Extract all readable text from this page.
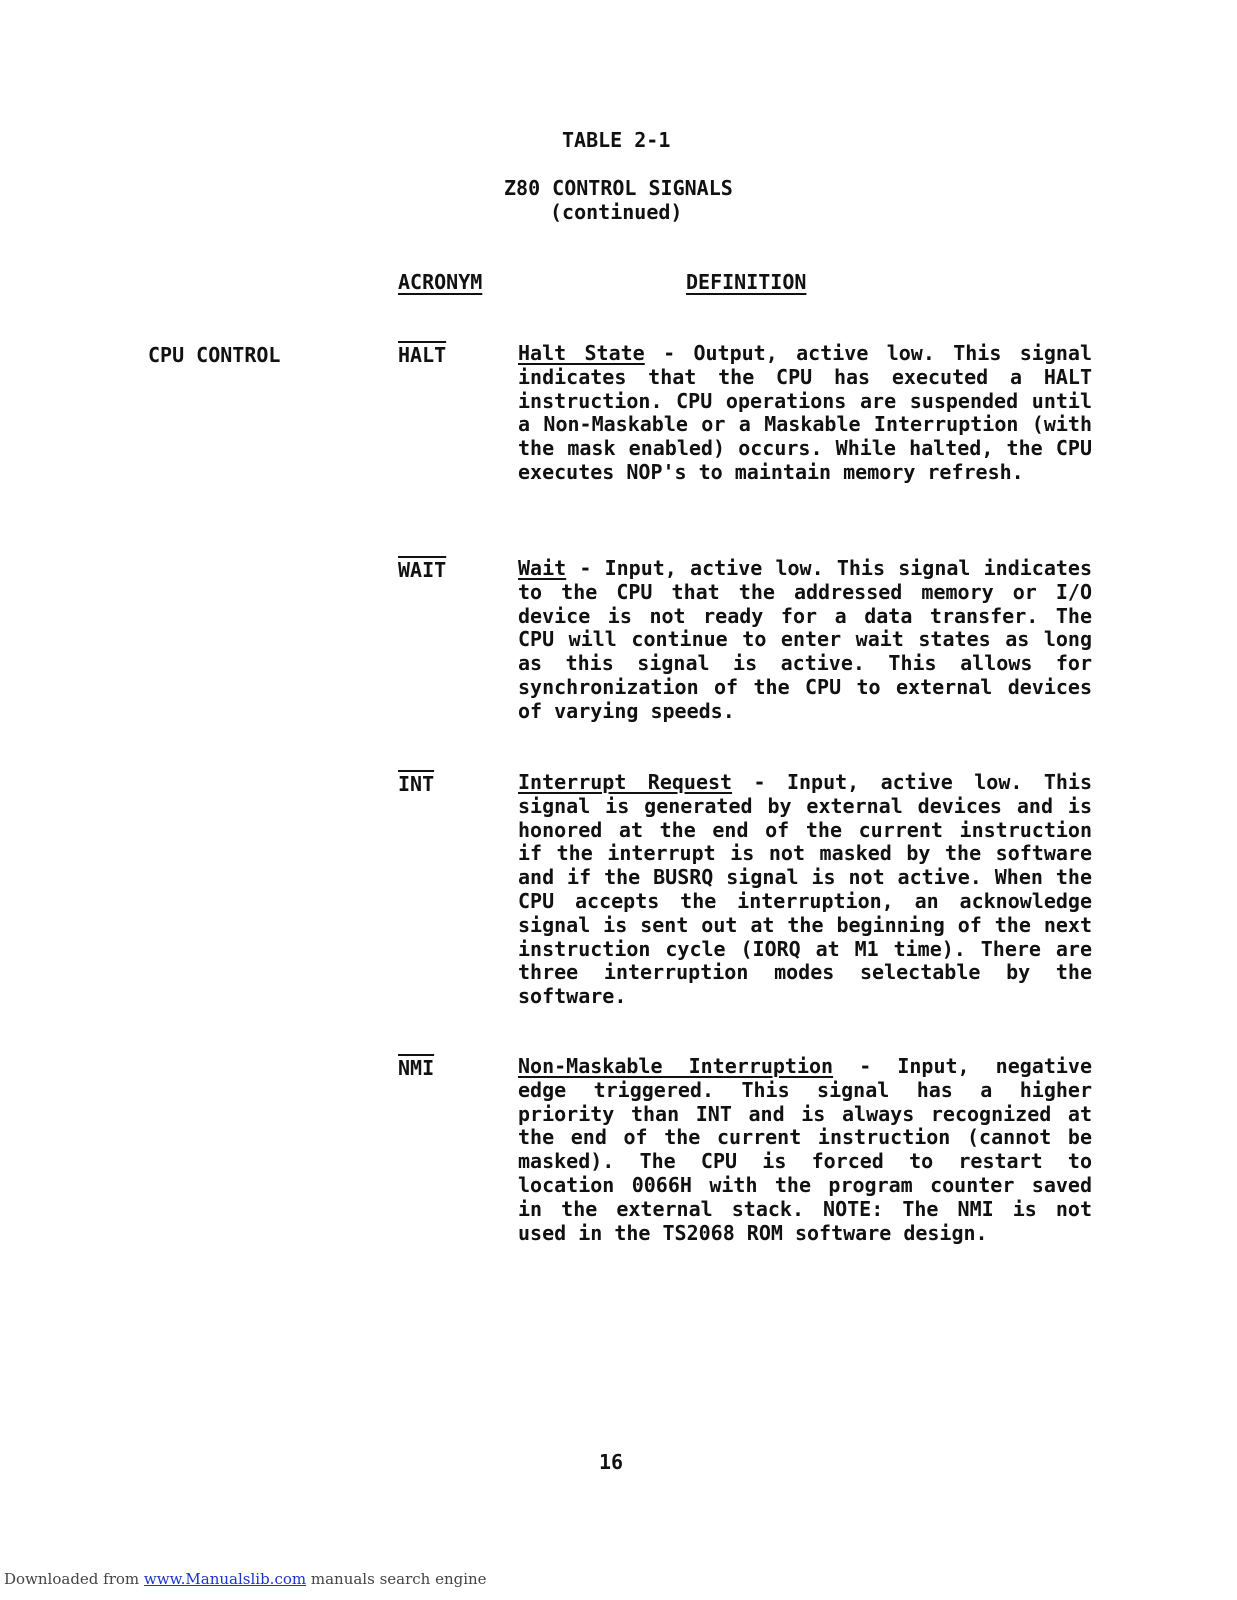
TABLE 2-1
Z80 CONTROL SIGNALS
(continued)
ACRONYM	DEFINITION
CPU CONTROL	HALT	Halt State - Output, active low. This signal indicates that the CPU has executed a HALT instruction. CPU operations are suspended until a Non-Maskable or a Maskable Interruption (with the mask enabled) occurs. While halted, the CPU executes NOP's to maintain memory refresh.
WAIT	Wait - Input, active low. This signal indicates to the CPU that the addressed memory or I/O device is not ready for a data transfer. The CPU will continue to enter wait states as long as this signal is active. This allows for synchronization of the CPU to external devices of varying speeds.
$\overline{INT}$	Interrupt Request - Input, active low. This signal is generated by external devices and is honored at the end of the current instruction if the interrupt is not masked by the software and if the BUSRQ signal is not active. When the CPU accepts the interruption, an acknowledge signal is sent out at the beginning of the next instruction cycle (IORQ at M1 time). There are three interruption modes selectable by the software.
$\overline{NMI}$	Non-Maskable Interruption - Input, negative edge triggered. This signal has a higher priority than INT and is always recognized at the end of the current instruction (cannot be masked). The CPU is forced to restart to location 0066H with the program counter saved in the external stack. NOTE: The NMI is not used in the TS2068 ROM software design.
16
Downloaded from www.Manualslib.com manuals search engine
